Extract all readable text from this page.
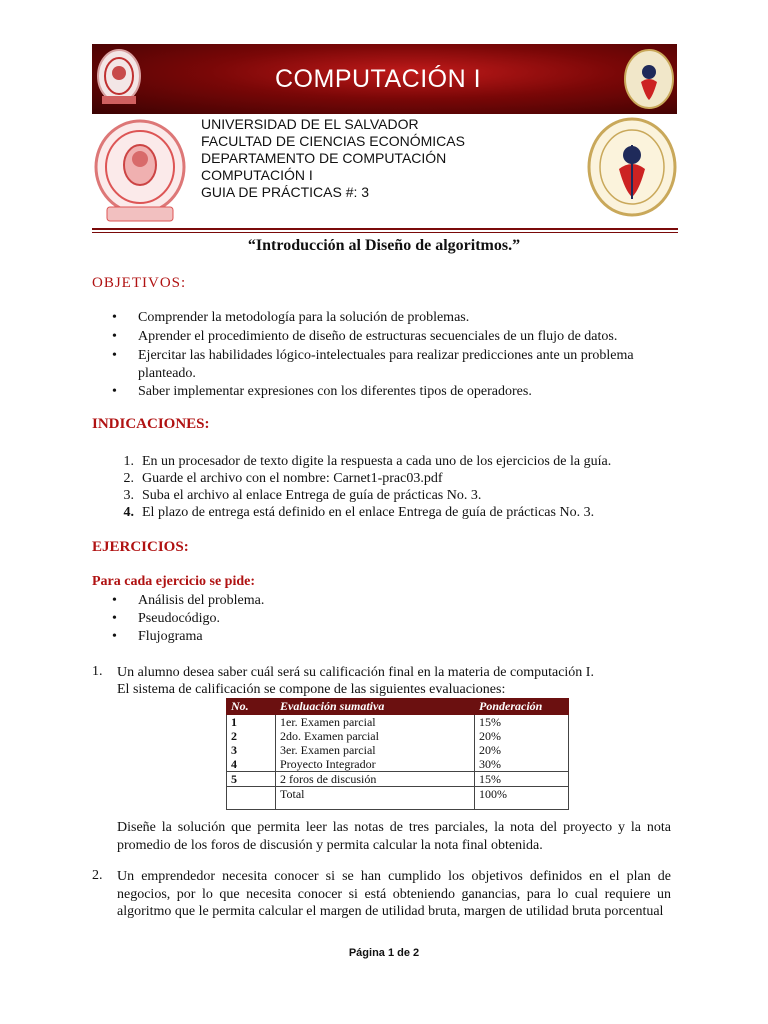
COMPUTACIÓN I
UNIVERSIDAD DE EL SALVADOR
FACULTAD DE CIENCIAS ECONÓMICAS
DEPARTAMENTO DE COMPUTACIÓN
COMPUTACIÓN I
GUIA DE PRÁCTICAS #: 3
“Introducción al Diseño de algoritmos.”
OBJETIVOS:
• Comprender la metodología para la solución de problemas.
• Aprender el procedimiento de diseño de estructuras secuenciales de un flujo de datos.
• Ejercitar las habilidades lógico-intelectuales para realizar predicciones ante un problema planteado.
• Saber implementar expresiones con los diferentes tipos de operadores.
INDICACIONES:
1. En un procesador de texto digite la respuesta a cada uno de los ejercicios de la guía.
2. Guarde el archivo con el nombre: Carnet1-prac03.pdf
3. Suba el archivo al enlace Entrega de guía de prácticas No. 3.
4. El plazo de entrega está definido en el enlace Entrega de guía de prácticas No. 3.
EJERCICIOS:
Para cada ejercicio se pide:
• Análisis del problema.
• Pseudocódigo.
• Flujograma
1. Un alumno desea saber cuál será su calificación final en la materia de computación I.
El sistema de calificación se compone de las siguientes evaluaciones:
No.	Evaluación sumativa	Ponderación
1	1er. Examen parcial	15%
2	2do. Examen parcial	20%
3	3er. Examen parcial	20%
4	Proyecto Integrador	30%
5	2 foros de discusión	15%
	Total	100%
Diseñe la solución que permita leer las notas de tres parciales, la nota del proyecto y la nota promedio de los foros de discusión y permita calcular la nota final obtenida.
2. Un emprendedor necesita conocer si se han cumplido los objetivos definidos en el plan de negocios, por lo que necesita conocer si está obteniendo ganancias, para lo cual requiere un algoritmo que le permita calcular el margen de utilidad bruta, margen de utilidad bruta porcentual
Página 1 de 2
